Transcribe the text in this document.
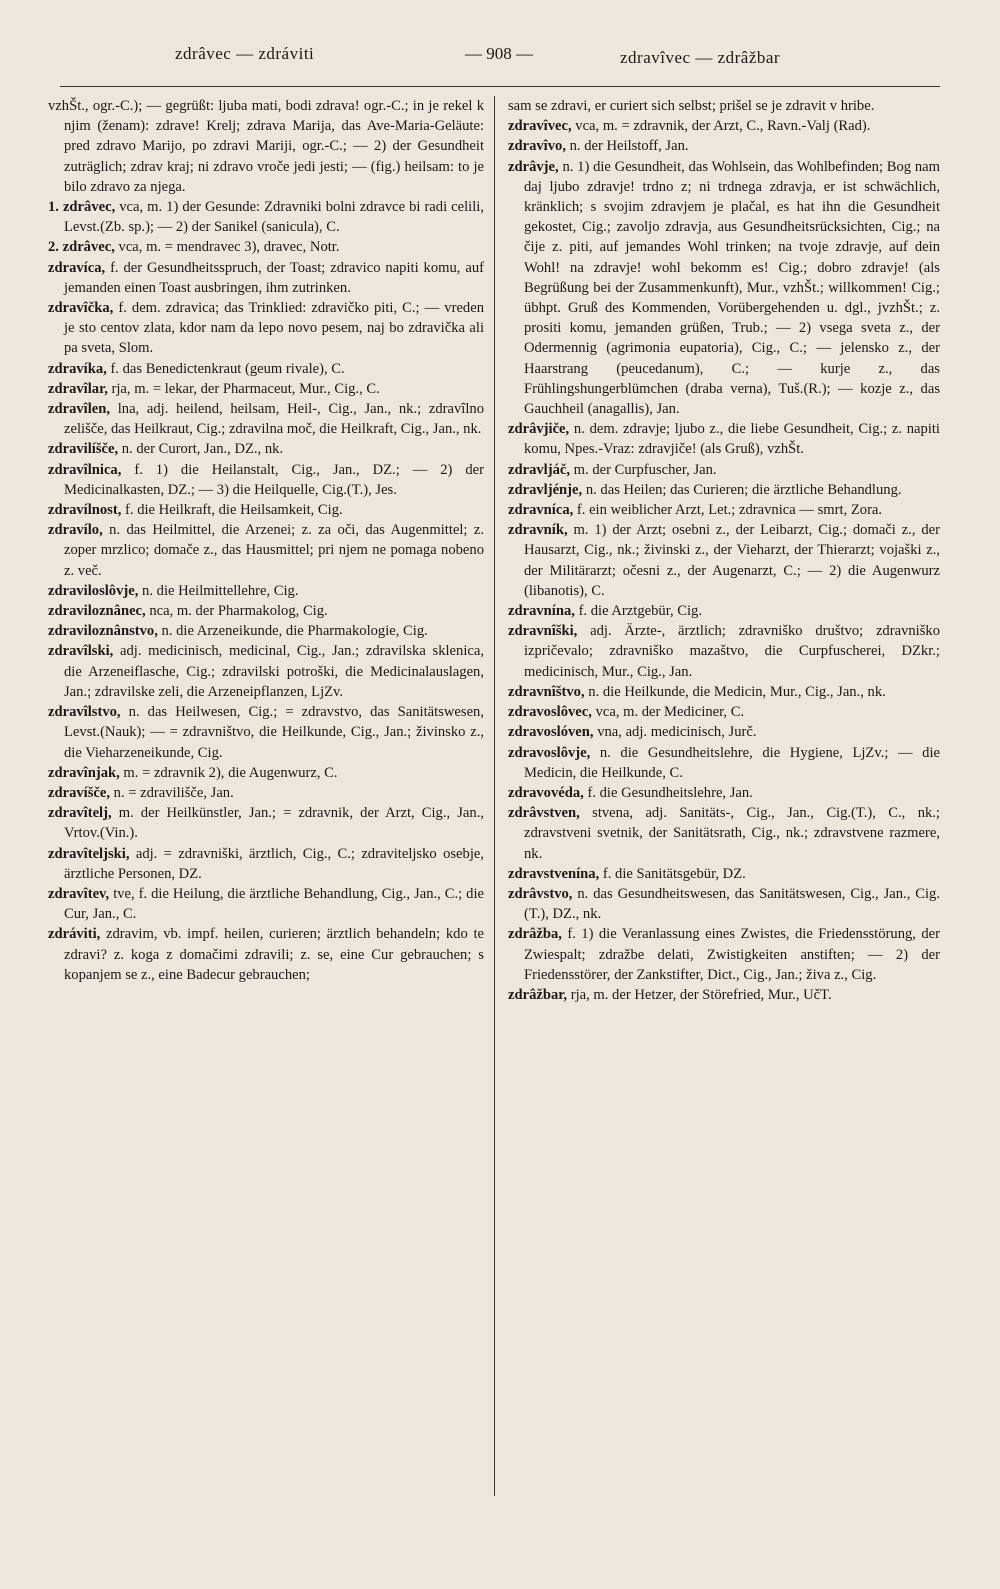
zdrâvec — zdráviti	— 908 —	zdravîvec — zdrâžbar

vzhŠt., ogr.-C.); — gegrüßt: ljuba mati, bodi zdrava! ogr.-C.; in je rekel k njim (ženam): zdrave! Krelj; zdrava Marija, das Ave-Maria-Geläute: pred zdravo Marijo, po zdravi Mariji, ogr.-C.; — 2) der Gesundheit zuträglich; zdrav kraj; ni zdravo vroče jedi jesti; — (fig.) heilsam: to je bilo zdravo za njega.

1. zdrâvec, vca, m. 1) der Gesunde: Zdravniki bolni zdravce bi radi celili, Levst.(Zb. sp.); — 2) der Sanikel (sanicula), C.

2. zdrâvec, vca, m. = mendravec 3), dravec, Notr.

zdravíca, f. der Gesundheitsspruch, der Toast; zdravico napiti komu, auf jemanden einen Toast ausbringen, ihm zutrinken.

zdravîčka, f. dem. zdravica; das Trinklied: zdravičko piti, C.; — vreden je sto centov zlata, kdor nam da lepo novo pesem, naj bo zdravička ali pa sveta, Slom.

zdravíka, f. das Benedictenkraut (geum rivale), C.

zdravîlar, rja, m. = lekar, der Pharmaceut, Mur., Cig., C.

zdravîlen, lna, adj. heilend, heilsam, Heil-, Cig., Jan., nk.; zdravîlno zelišče, das Heilkraut, Cig.; zdravilna moč, die Heilkraft, Cig., Jan., nk.

zdravilíšče, n. der Curort, Jan., DZ., nk.

zdravîlnica, f. 1) die Heilanstalt, Cig., Jan., DZ.; — 2) der Medicinalkasten, DZ.; — 3) die Heilquelle, Cig.(T.), Jes.

zdravílnost, f. die Heilkraft, die Heilsamkeit, Cig.

zdravílo, n. das Heilmittel, die Arzenei; z. za oči, das Augenmittel; z. zoper mrzlico; domače z., das Hausmittel; pri njem ne pomaga nobeno z. več.

zdraviloslôvje, n. die Heilmittellehre, Cig.

zdraviloznânec, nca, m. der Pharmakolog, Cig.

zdraviloznânstvo, n. die Arzeneikunde, die Pharmakologie, Cig.

zdravîlski, adj. medicinisch, medicinal, Cig., Jan.; zdravilska sklenica, die Arzeneiflasche, Cig.; zdravilski potroški, die Medicinalauslagen, Jan.; zdravilske zeli, die Arzeneipflanzen, LjZv.

zdravîlstvo, n. das Heilwesen, Cig.; = zdravstvo, das Sanitätswesen, Levst.(Nauk); — = zdravništvo, die Heilkunde, Cig., Jan.; živinsko z., die Vieharzeneikunde, Cig.

zdravînjak, m. = zdravnik 2), die Augenwurz, C.

zdravíšče, n. = zdravilišče, Jan.

zdravîtelj, m. der Heilkünstler, Jan.; = zdravnik, der Arzt, Cig., Jan., Vrtov.(Vin.).

zdravîteljski, adj. = zdravniški, ärztlich, Cig., C.; zdraviteljsko osebje, ärztliche Personen, DZ.

zdravîtev, tve, f. die Heilung, die ärztliche Behandlung, Cig., Jan., C.; die Cur, Jan., C.

zdráviti, zdravim, vb. impf. heilen, curieren; ärztlich behandeln; kdo te zdravi? z. koga z domačimi zdravili; z. se, eine Cur gebrauchen; s kopanjem se z., eine Badecur gebrauchen;

sam se zdravi, er curiert sich selbst; prišel se je zdravit v hribe.

zdravîvec, vca, m. = zdravnik, der Arzt, C., Ravn.-Valj (Rad).

zdravîvo, n. der Heilstoff, Jan.

zdrâvje, n. 1) die Gesundheit, das Wohlsein, das Wohlbefinden; Bog nam daj ljubo zdravje! trdno z; ni trdnega zdravja, er ist schwächlich, kränklich; s svojim zdravjem je plačal, es hat ihn die Gesundheit gekostet, Cig.; zavoljo zdravja, aus Gesundheitsrücksichten, Cig.; na čije z. piti, auf jemandes Wohl trinken; na tvoje zdravje, auf dein Wohl! na zdravje! wohl bekomm es! Cig.; dobro zdravje! (als Begrüßung bei der Zusammenkunft), Mur., vzhŠt.; willkommen! Cig.; übhpt. Gruß des Kommenden, Vorübergehenden u. dgl., jvzhŠt.; z. prositi komu, jemanden grüßen, Trub.; — 2) vsega sveta z., der Odermennig (agrimonia eupatoria), Cig., C.; — jelensko z., der Haarstrang (peucedanum), C.; — kurje z., das Frühlingshungerblümchen (draba verna), Tuš.(R.); — kozje z., das Gauchheil (anagallis), Jan.

zdrâvjiče, n. dem. zdravje; ljubo z., die liebe Gesundheit, Cig.; z. napiti komu, Npes.-Vraz: zdravjiče! (als Gruß), vzhŠt.

zdravljáč, m. der Curpfuscher, Jan.

zdravljénje, n. das Heilen; das Curieren; die ärztliche Behandlung.

zdravníca, f. ein weiblicher Arzt, Let.; zdravnica — smrt, Zora.

zdravník, m. 1) der Arzt; osebni z., der Leibarzt, Cig.; domači z., der Hausarzt, Cig., nk.; živinski z., der Vieharzt, der Thierarzt; vojaški z., der Militärarzt; očesni z., der Augenarzt, C.; — 2) die Augenwurz (libanotis), C.

zdravnína, f. die Arztgebür, Cig.

zdravnîški, adj. Ärzte-, ärztlich; zdravniško društvo; zdravniško izpričevalo; zdravniško mazaštvo, die Curpfuscherei, DZkr.; medicinisch, Mur., Cig., Jan.

zdravnîštvo, n. die Heilkunde, die Medicin, Mur., Cig., Jan., nk.

zdravoslôvec, vca, m. der Mediciner, C.

zdravoslóven, vna, adj. medicinisch, Jurč.

zdravoslôvje, n. die Gesundheitslehre, die Hygiene, LjZv.; — die Medicin, die Heilkunde, C.

zdravovéda, f. die Gesundheitslehre, Jan.

zdrâvstven, stvena, adj. Sanitäts-, Cig., Jan., Cig.(T.), C., nk.; zdravstveni svetnik, der Sanitätsrath, Cig., nk.; zdravstvene razmere, nk.

zdravstvenína, f. die Sanitätsgebür, DZ.

zdrâvstvo, n. das Gesundheitswesen, das Sanitätswesen, Cig., Jan., Cig.(T.), DZ., nk.

zdrâžba, f. 1) die Veranlassung eines Zwistes, die Friedensstörung, der Zwiespalt; zdražbe delati, Zwistigkeiten anstiften; — 2) der Friedensstörer, der Zankstifter, Dict., Cig., Jan.; živa z., Cig.

zdrâžbar, rja, m. der Hetzer, der Störefried, Mur., UčT.
